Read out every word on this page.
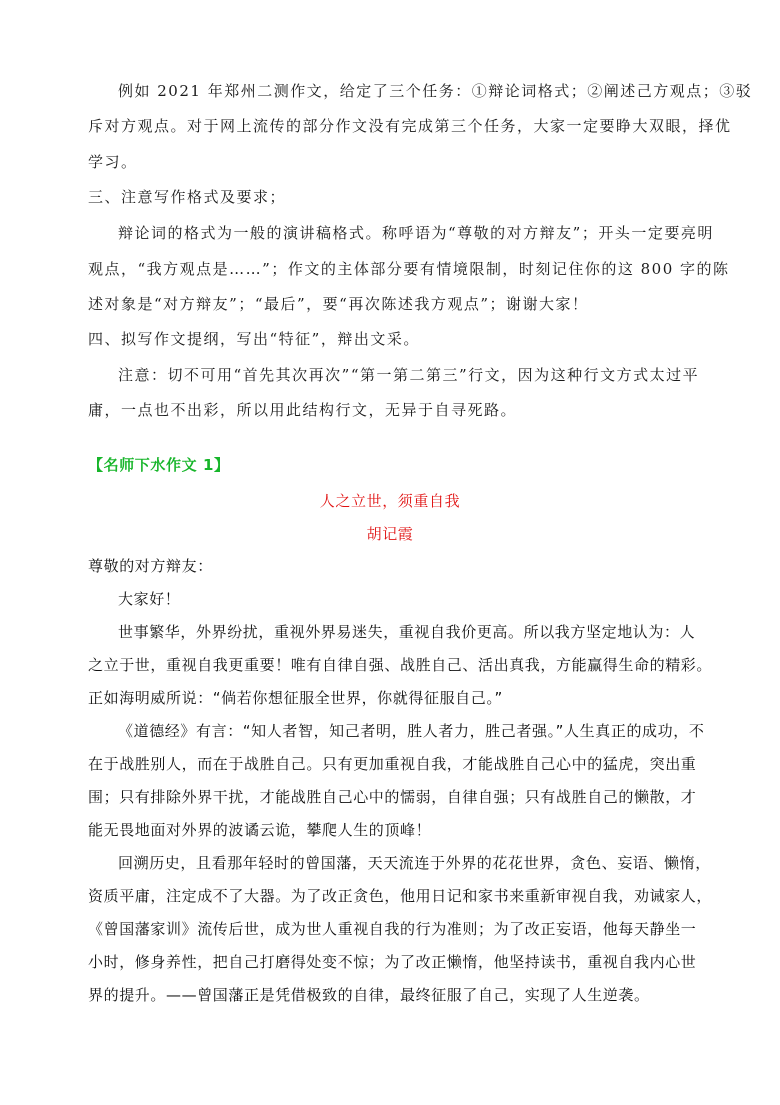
例如 2021 年郑州二测作文，给定了三个任务：①辩论词格式；②阐述己方观点；③驳
斥对方观点。对于网上流传的部分作文没有完成第三个任务，大家一定要睁大双眼，择优
学习。
三、注意写作格式及要求；
辩论词的格式为一般的演讲稿格式。称呼语为“尊敬的对方辩友”；开头一定要亮明
观点，“我方观点是……”；作文的主体部分要有情境限制，时刻记住你的这 800 字的陈
述对象是“对方辩友”；“最后”，要“再次陈述我方观点”；谢谢大家！
四、拟写作文提纲，写出“特征”，辩出文采。
注意：切不可用“首先其次再次”“第一第二第三”行文，因为这种行文方式太过平
庸，一点也不出彩，所以用此结构行文，无异于自寻死路。
【名师下水作文 1】
人之立世，须重自我
胡记霞
尊敬的对方辩友：
大家好！
世事繁华，外界纷扰，重视外界易迷失，重视自我价更高。所以我方坚定地认为：人
之立于世，重视自我更重要！唯有自律自强、战胜自己、活出真我，方能赢得生命的精彩。
正如海明威所说：“倘若你想征服全世界，你就得征服自己。”
《道德经》有言：“知人者智，知己者明，胜人者力，胜己者强。”人生真正的成功，不
在于战胜别人，而在于战胜自己。只有更加重视自我，才能战胜自己心中的猛虎，突出重
围；只有排除外界干扰，才能战胜自己心中的懦弱，自律自强；只有战胜自己的懒散，才
能无畏地面对外界的波谲云诡，攀爬人生的顶峰！
回溯历史，且看那年轻时的曾国藩，天天流连于外界的花花世界，贪色、妄语、懒惰，
资质平庸，注定成不了大器。为了改正贪色，他用日记和家书来重新审视自我，劝诫家人，
《曾国藩家训》流传后世，成为世人重视自我的行为准则；为了改正妄语，他每天静坐一
小时，修身养性，把自己打磨得处变不惊；为了改正懒惰，他坚持读书，重视自我内心世
界的提升。——曾国藩正是凭借极致的自律，最终征服了自己，实现了人生逆袭。
